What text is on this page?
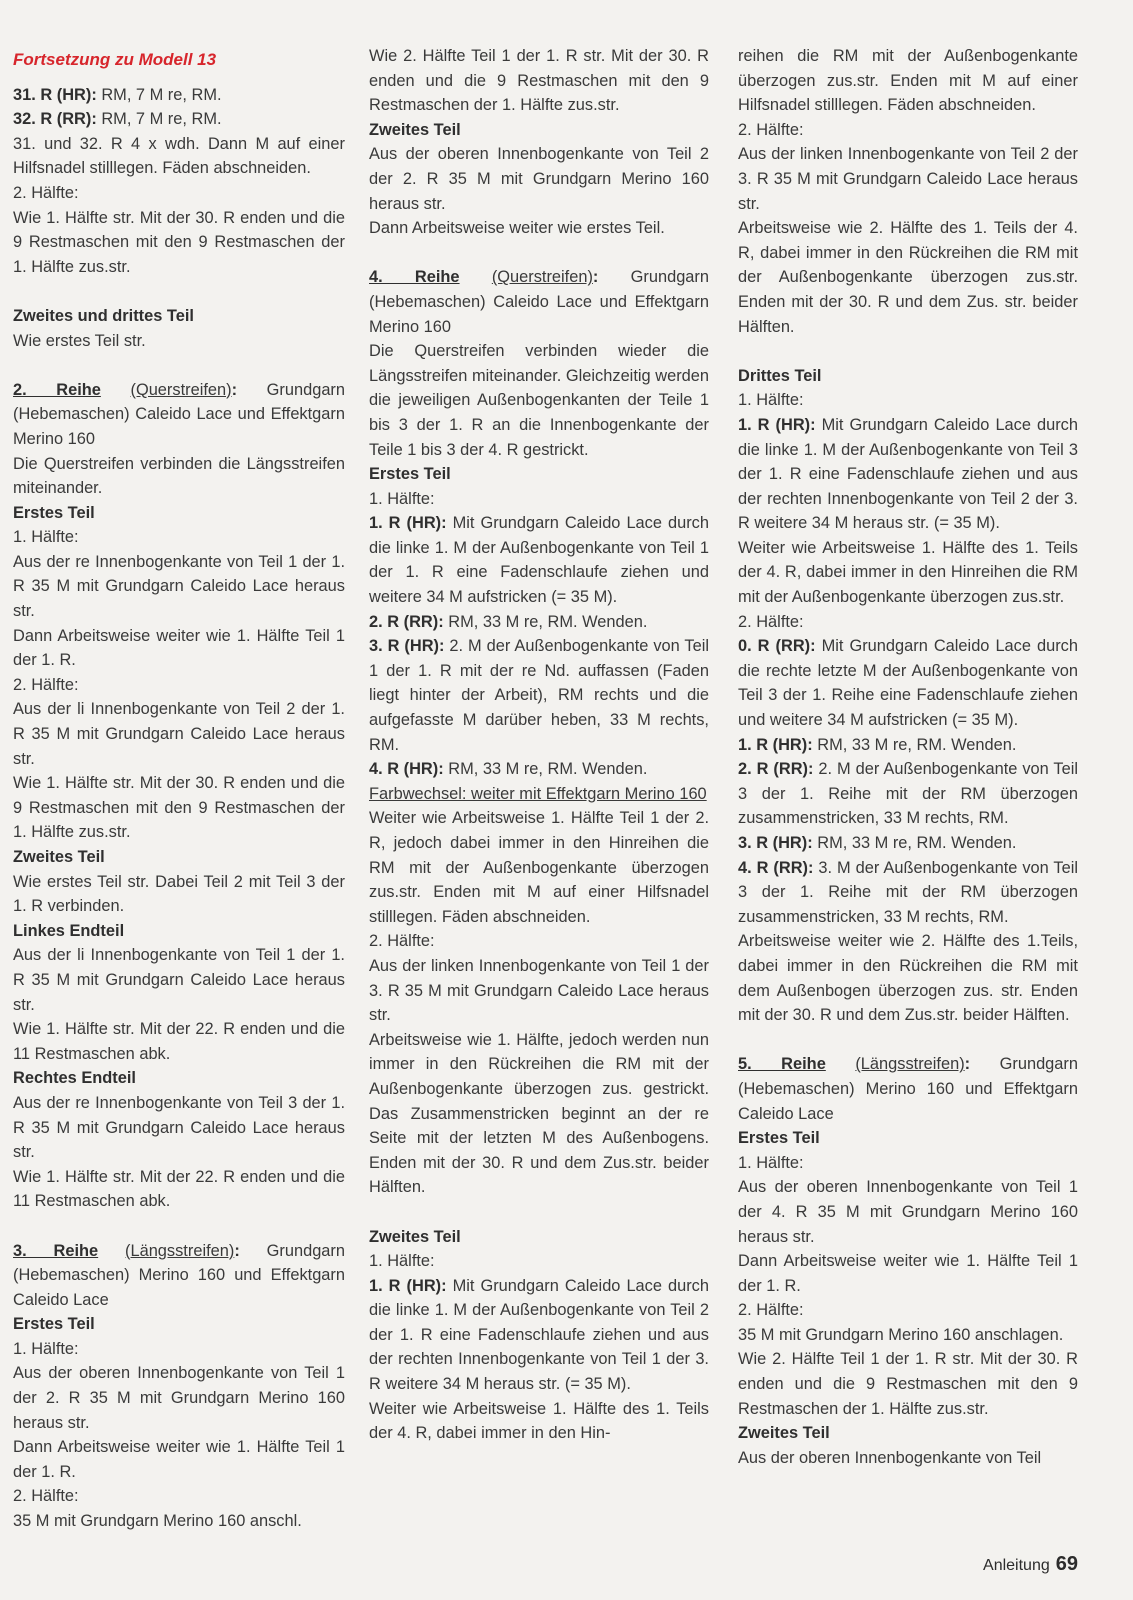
Fortsetzung zu Modell 13

31. R (HR): RM, 7 M re, RM.

32. R (RR): RM, 7 M re, RM.

31. und 32. R 4 x wdh. Dann M auf einer Hilfsnadel stilllegen. Fäden abschneiden.

2. Hälfte:

Wie 1. Hälfte str. Mit der 30. R enden und die 9 Restmaschen mit den 9 Restmaschen der 1. Hälfte zus.str.

Zweites und drittes Teil

Wie erstes Teil str.

2. Reihe (Querstreifen): Grundgarn (Hebemaschen) Caleido Lace und Effektgarn Merino 160

Die Querstreifen verbinden die Längsstreifen miteinander.

Erstes Teil

1. Hälfte:

Aus der re Innenbogenkante von Teil 1 der 1. R 35 M mit Grundgarn Caleido Lace heraus str.

Dann Arbeitsweise weiter wie 1. Hälfte Teil 1 der 1. R.

2. Hälfte:

Aus der li Innenbogenkante von Teil 2 der 1. R 35 M mit Grundgarn Caleido Lace heraus str.

Wie 1. Hälfte str. Mit der 30. R enden und die 9 Restmaschen mit den 9 Restmaschen der 1. Hälfte zus.str.

Zweites Teil

Wie erstes Teil str. Dabei Teil 2 mit Teil 3 der 1. R verbinden.

Linkes Endteil

Aus der li Innenbogenkante von Teil 1 der 1. R 35 M mit Grundgarn Caleido Lace heraus str.

Wie 1. Hälfte str. Mit der 22. R enden und die 11 Restmaschen abk.

Rechtes Endteil

Aus der re Innenbogenkante von Teil 3 der 1. R 35 M mit Grundgarn Caleido Lace heraus str.

Wie 1. Hälfte str. Mit der 22. R enden und die 11 Restmaschen abk.

3. Reihe (Längsstreifen): Grundgarn (Hebemaschen) Merino 160 und Effektgarn Caleido Lace

Erstes Teil

1. Hälfte:

Aus der oberen Innenbogenkante von Teil 1 der 2. R 35 M mit Grundgarn Merino 160 heraus str.

Dann Arbeitsweise weiter wie 1. Hälfte Teil 1 der 1. R.

2. Hälfte:

35 M mit Grundgarn Merino 160 anschl.

Wie 2. Hälfte Teil 1 der 1. R str. Mit der 30. R enden und die 9 Restmaschen mit den 9 Restmaschen der 1. Hälfte zus.str.

Zweites Teil

Aus der oberen Innenbogenkante von Teil 2 der 2. R 35 M mit Grundgarn Merino 160 heraus str.

Dann Arbeitsweise weiter wie erstes Teil.

4. Reihe (Querstreifen): Grundgarn (Hebemaschen) Caleido Lace und Effektgarn Merino 160

Die Querstreifen verbinden wieder die Längsstreifen miteinander. Gleichzeitig werden die jeweiligen Außenbogenkanten der Teile 1 bis 3 der 1. R an die Innenbogenkante der Teile 1 bis 3 der 4. R gestrickt.

Erstes Teil

1. Hälfte:

1. R (HR): Mit Grundgarn Caleido Lace durch die linke 1. M der Außenbogenkante von Teil 1 der 1. R eine Fadenschlaufe ziehen und weitere 34 M aufstricken (= 35 M).

2. R (RR): RM, 33 M re, RM. Wenden.

3. R (HR): 2. M der Außenbogenkante von Teil 1 der 1. R mit der re Nd. auffassen (Faden liegt hinter der Arbeit), RM rechts und die aufgefasste M darüber heben, 33 M rechts, RM.

4. R (HR): RM, 33 M re, RM. Wenden.

Farbwechsel: weiter mit Effektgarn Merino 160

Weiter wie Arbeitsweise 1. Hälfte Teil 1 der 2. R, jedoch dabei immer in den Hinreihen die RM mit der Außenbogenkante überzogen zus.str. Enden mit M auf einer Hilfsnadel stilllegen. Fäden abschneiden.

2. Hälfte:

Aus der linken Innenbogenkante von Teil 1 der 3. R 35 M mit Grundgarn Caleido Lace heraus str.

Arbeitsweise wie 1. Hälfte, jedoch werden nun immer in den Rückreihen die RM mit der Außenbogenkante überzogen zus. gestrickt. Das Zusammenstricken beginnt an der re Seite mit der letzten M des Außenbogens. Enden mit der 30. R und dem Zus.str. beider Hälften.

Zweites Teil

1. Hälfte:

1. R (HR): Mit Grundgarn Caleido Lace durch die linke 1. M der Außenbogenkante von Teil 2 der 1. R eine Fadenschlaufe ziehen und aus der rechten Innenbogenkante von Teil 1 der 3. R weitere 34 M heraus str. (= 35 M).

Weiter wie Arbeitsweise 1. Hälfte des 1. Teils der 4. R, dabei immer in den Hin-

reihen die RM mit der Außenbogenkante überzogen zus.str. Enden mit M auf einer Hilfsnadel stilllegen. Fäden abschneiden.

2. Hälfte:

Aus der linken Innenbogenkante von Teil 2 der 3. R 35 M mit Grundgarn Caleido Lace heraus str.

Arbeitsweise wie 2. Hälfte des 1. Teils der 4. R, dabei immer in den Rückreihen die RM mit der Außenbogenkante überzogen zus.str. Enden mit der 30. R und dem Zus. str. beider Hälften.

Drittes Teil

1. Hälfte:

1. R (HR): Mit Grundgarn Caleido Lace durch die linke 1. M der Außenbogenkante von Teil 3 der 1. R eine Fadenschlaufe ziehen und aus der rechten Innenbogenkante von Teil 2 der 3. R weitere 34 M heraus str. (= 35 M).

Weiter wie Arbeitsweise 1. Hälfte des 1. Teils der 4. R, dabei immer in den Hinreihen die RM mit der Außenbogenkante überzogen zus.str.

2. Hälfte:

0. R (RR): Mit Grundgarn Caleido Lace durch die rechte letzte M der Außenbogenkante von Teil 3 der 1. Reihe eine Fadenschlaufe ziehen und weitere 34 M aufstricken (= 35 M).

1. R (HR): RM, 33 M re, RM. Wenden.

2. R (RR): 2. M der Außenbogenkante von Teil 3 der 1. Reihe mit der RM überzogen zusammenstricken, 33 M rechts, RM.

3. R (HR): RM, 33 M re, RM. Wenden.

4. R (RR): 3. M der Außenbogenkante von Teil 3 der 1. Reihe mit der RM überzogen zusammenstricken, 33 M rechts, RM.

Arbeitsweise weiter wie 2. Hälfte des 1.Teils, dabei immer in den Rückreihen die RM mit dem Außenbogen überzogen zus. str. Enden mit der 30. R und dem Zus.str. beider Hälften.

5. Reihe (Längsstreifen): Grundgarn (Hebemaschen) Merino 160 und Effektgarn Caleido Lace

Erstes Teil

1. Hälfte:

Aus der oberen Innenbogenkante von Teil 1 der 4. R 35 M mit Grundgarn Merino 160 heraus str.

Dann Arbeitsweise weiter wie 1. Hälfte Teil 1 der 1. R.

2. Hälfte:

35 M mit Grundgarn Merino 160 anschlagen.

Wie 2. Hälfte Teil 1 der 1. R str. Mit der 30. R enden und die 9 Restmaschen mit den 9 Restmaschen der 1. Hälfte zus.str.

Zweites Teil

Aus der oberen Innenbogenkante von Teil

Anleitung 69
